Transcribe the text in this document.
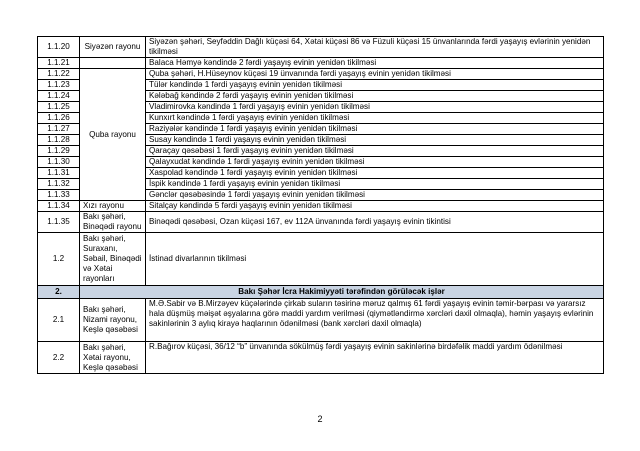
1.1.20	Siyəzən rayonu	Siyəzən şəhəri, Seyfəddin Dağlı küçəsi 64, Xətai küçəsi 86 və Füzuli küçəsi 15 ünvanlarında fərdi yaşayış evlərinin yenidən tikilməsi
1.1.21		Balaca Həmyə kəndində 2 fərdi yaşayış evinin yenidən tikilməsi
1.1.22	Quba rayonu	Quba şəhəri, H.Hüseynov küçəsi 19 ünvanında fərdi yaşayış evinin yenidən tikilməsi
1.1.23		Tülər kəndində 1 fərdi yaşayış evinin yenidən tikilməsi
1.1.24		Kələbağ kəndində 2 fərdi yaşayış evinin yenidən tikilməsi
1.1.25		Vladimirovka kəndində 1 fərdi yaşayış evinin yenidən tikilməsi
1.1.26		Kunxırt kəndində 1 fərdi yaşayış evinin yenidən tikilməsi
1.1.27		Raziyələr kəndində 1 fərdi yaşayış evinin yenidən tikilməsi
1.1.28		Susay kəndində 1 fərdi yaşayış evinin yenidən tikilməsi
1.1.29		Qaraçay qəsəbəsi 1 fərdi yaşayış evinin yenidən tikilməsi
1.1.30		Qalayxudat kəndində 1 fərdi yaşayış evinin yenidən tikilməsi
1.1.31		Xaspolad kəndində 1 fərdi yaşayış evinin yenidən tikilməsi
1.1.32		İspik kəndində 1 fərdi yaşayış evinin yenidən tikilməsi
1.1.33		Gənclər qəsəbəsində 1 fərdi yaşayış evinin yenidən tikilməsi
1.1.34	Xızı rayonu	Sitalçay kəndində 5 fərdi yaşayış evinin yenidən tikilməsi
1.1.35	Bakı şəhəri, Binəqədi rayonu	Binəqədi qəsəbəsi, Ozan küçəsi 167, ev 112A ünvanında fərdi yaşayış evinin tikintisi
1.2	Bakı şəhəri, Suraxanı, Səbail, Binəqədi və Xətai rayonları	İstinad divarlarının tikilməsi
2.	Bakı Şəhər İcra Hakimiyyəti tərəfindən görüləcək işlər	
2.1	Bakı şəhəri, Nizami rayonu, Keşlə qəsəbəsi	M.Ə.Sabir və B.Mirzəyev küçələrində çirkab suların təsirinə məruz qalmış 61 fərdi yaşayış evinin təmir-bərpası və yararsız hala düşmüş məişət əşyalarına görə maddi yardım verilməsi (qiymətləndirmə xərcləri daxil olmaqla), həmin yaşayış evlərinin sakinlərinin 3 aylıq kirayə haqlarının ödənilməsi (bank xərcləri daxil olmaqla)
2.2	Bakı şəhəri, Xətai rayonu, Keşlə qəsəbəsi	R.Bağırov küçəsi, 36/12 “b” ünvanında sökülmüş fərdi yaşayış evinin sakinlərinə birdəfəlik maddi yardım ödənilməsi
2
